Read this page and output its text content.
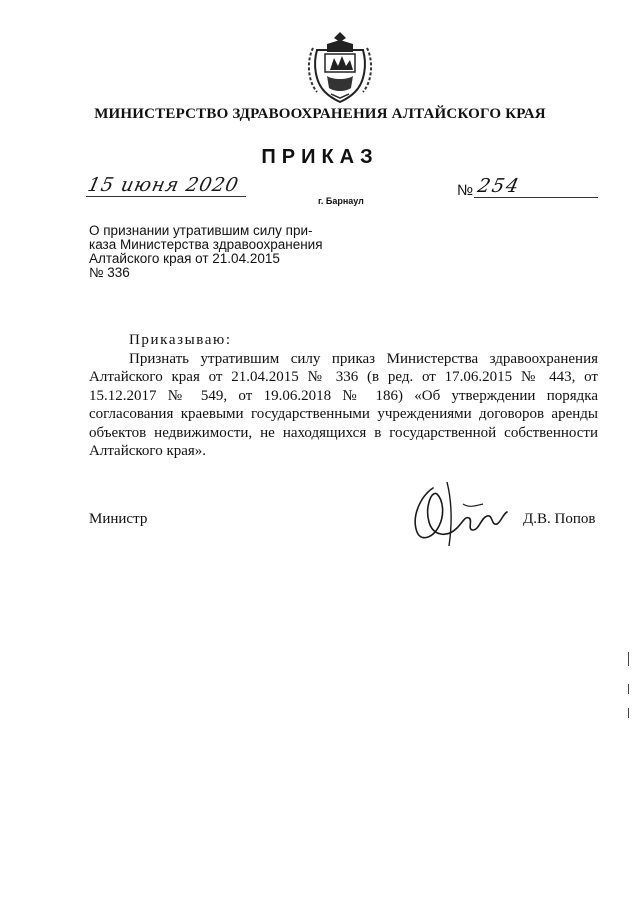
МИНИСТЕРСТВО ЗДРАВООХРАНЕНИЯ АЛТАЙСКОГО КРАЯ
ПРИКАЗ
15 июня 2020
г. Барнаул
№ 254
О признании утратившим силу при-
каза Министерства здравоохранения
Алтайского края от 21.04.2015
№ 336
Приказываю:
Признать утратившим силу приказ Министерства здравоохранения Алтайского края от 21.04.2015 № 336 (в ред. от 17.06.2015 № 443, от 15.12.2017 № 549, от 19.06.2018 № 186) «Об утверждении порядка согласования краевыми государственными учреждениями договоров аренды объектов недвижимости, не находящихся в государственной собственности Алтайского края».
Министр	Д.В. Попов
